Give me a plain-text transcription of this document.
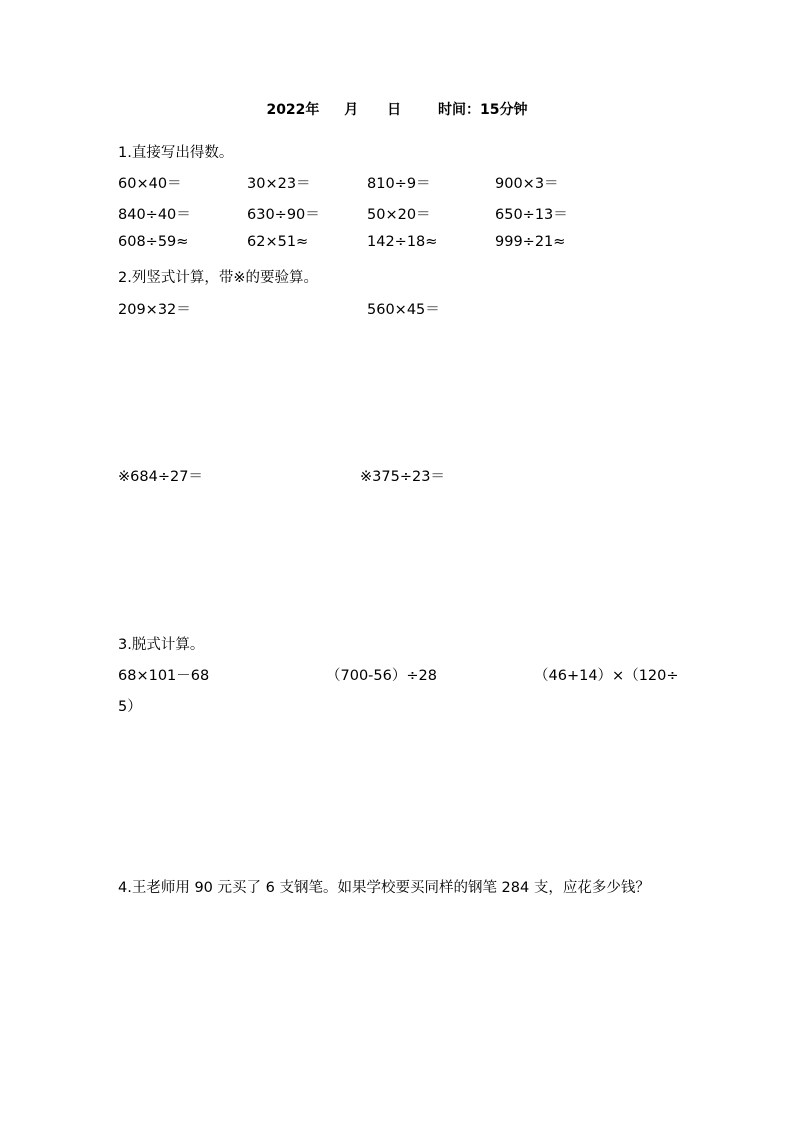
2022年 月 日	时间：15分钟
1.直接写出得数。
60×40＝	30×23＝	810÷9＝	900×3＝
840÷40＝	630÷90＝	50×20＝	650÷13＝
608÷59≈	62×51≈	142÷18≈	999÷21≈
2.列竖式计算，带※的要验算。
209×32＝	560×45＝
※684÷27＝	※375÷23＝
3.脱式计算。
68×101－68	（700-56）÷28	（46+14）×（120÷
5）
4.王老师用 90 元买了 6 支钢笔。如果学校要买同样的钢笔 284 支，应花多少钱？
